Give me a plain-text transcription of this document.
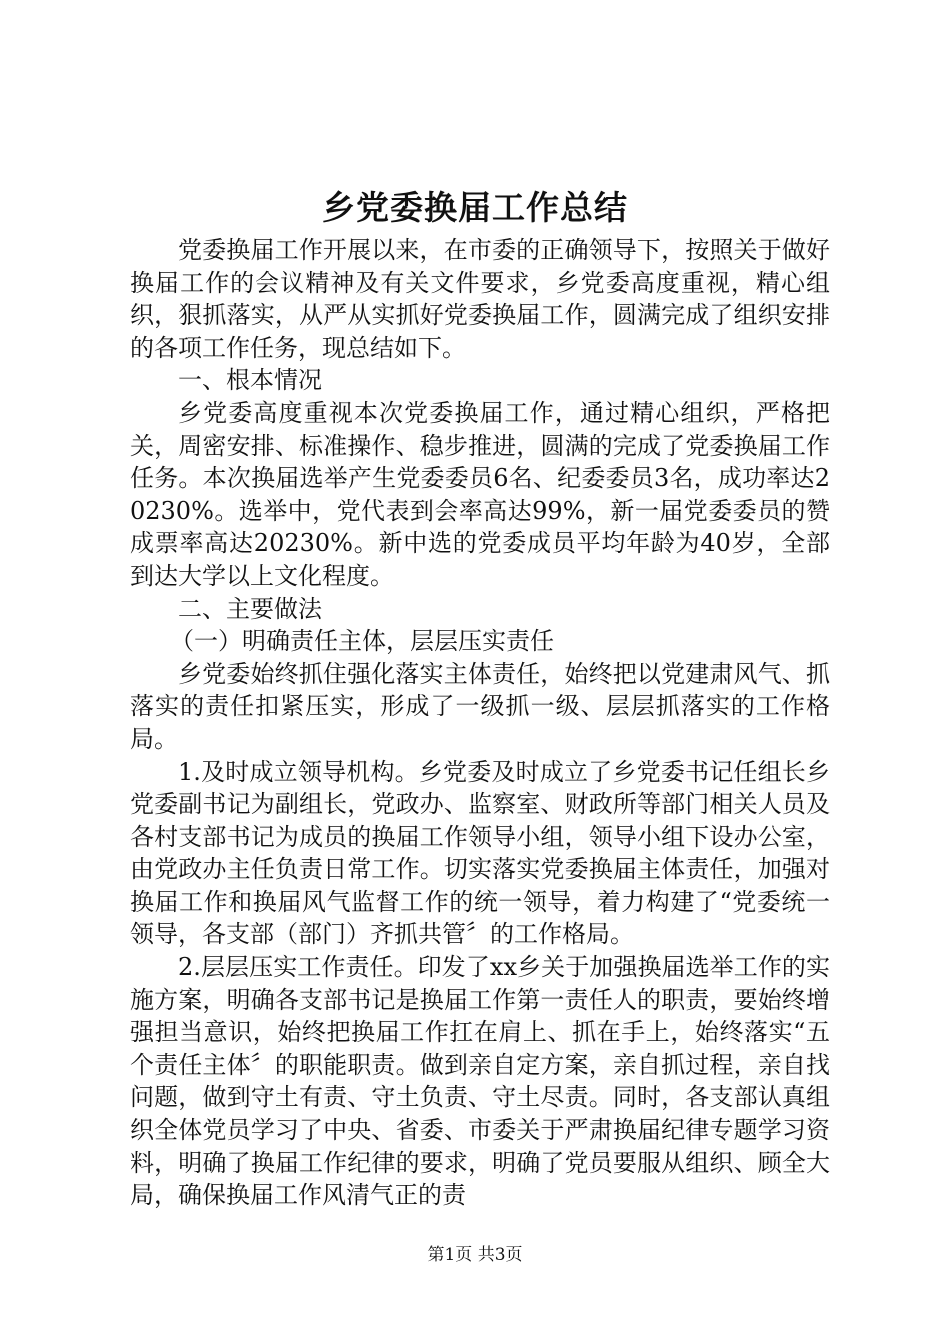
乡党委换届工作总结

党委换届工作开展以来，在市委的正确领导下，按照关于做好换届工作的会议精神及有关文件要求，乡党委高度重视，精心组织，狠抓落实，从严从实抓好党委换届工作，圆满完成了组织安排的各项工作任务，现总结如下。

一、根本情况

乡党委高度重视本次党委换届工作，通过精心组织，严格把关，周密安排、标准操作、稳步推进，圆满的完成了党委换届工作任务。本次换届选举产生党委委员6名、纪委委员3名，成功率达20230%。选举中，党代表到会率高达99%，新一届党委委员的赞成票率高达20230%。新中选的党委成员平均年龄为40岁，全部到达大学以上文化程度。

二、主要做法

（一）明确责任主体，层层压实责任

乡党委始终抓住强化落实主体责任，始终把以党建肃风气、抓落实的责任扣紧压实，形成了一级抓一级、层层抓落实的工作格局。

1.及时成立领导机构。乡党委及时成立了乡党委书记任组长乡党委副书记为副组长，党政办、监察室、财政所等部门相关人员及各村支部书记为成员的换届工作领导小组，领导小组下设办公室，由党政办主任负责日常工作。切实落实党委换届主体责任，加强对换届工作和换届风气监督工作的统一领导，着力构建了“党委统一领导，各支部（部门）齐抓共管〞的工作格局。

2.层层压实工作责任。印发了xx乡关于加强换届选举工作的实施方案，明确各支部书记是换届工作第一责任人的职责，要始终增强担当意识，始终把换届工作扛在肩上、抓在手上，始终落实“五个责任主体〞的职能职责。做到亲自定方案，亲自抓过程，亲自找问题，做到守土有责、守土负责、守土尽责。同时，各支部认真组织全体党员学习了中央、省委、市委关于严肃换届纪律专题学习资料，明确了换届工作纪律的要求，明确了党员要服从组织、顾全大局，确保换届工作风清气正的责

第1页 共3页
